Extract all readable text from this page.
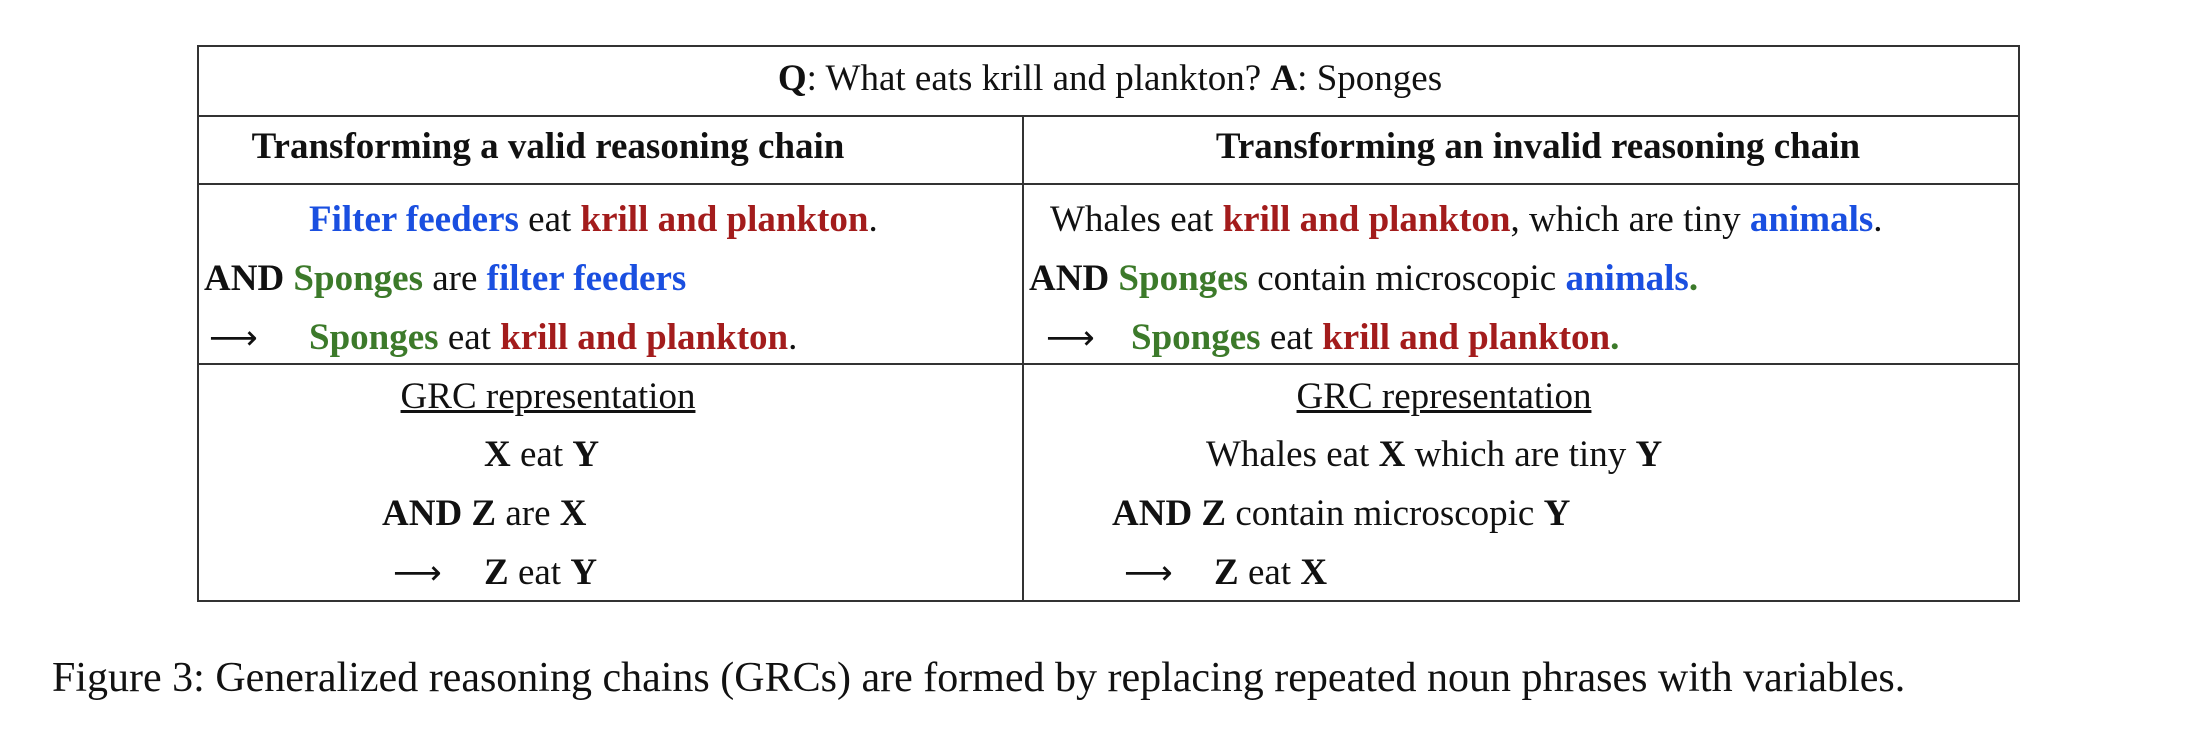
Q: What eats krill and plankton? A: Sponges
Transforming a valid reasoning chain	Transforming an invalid reasoning chain
Filter feeders eat krill and plankton.
AND Sponges are filter feeders
⟶ Sponges eat krill and plankton.
Whales eat krill and plankton, which are tiny animals.
AND Sponges contain microscopic animals.
⟶ Sponges eat krill and plankton.
GRC representation
X eat Y
AND Z are X
⟶ Z eat Y
GRC representation
Whales eat X which are tiny Y
AND Z contain microscopic Y
⟶ Z eat X
Figure 3: Generalized reasoning chains (GRCs) are formed by replacing repeated noun phrases with variables.
